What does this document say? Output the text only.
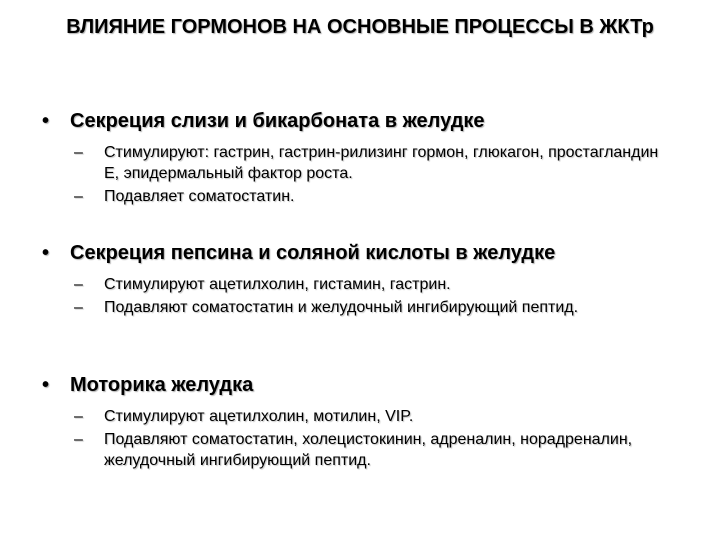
ВЛИЯНИЕ ГОРМОНОВ НА ОСНОВНЫЕ ПРОЦЕССЫ В ЖКТр
•	Секреция слизи и бикарбоната в желудке
–	Стимулируют: гастрин, гастрин-рилизинг гормон, глюкагон, простагландин Е, эпидермальный фактор роста.
–	Подавляет соматостатин.
•	Секреция пепсина и соляной кислоты в желудке
–	Стимулируют ацетилхолин, гистамин, гастрин.
–	Подавляют соматостатин и желудочный ингибирующий пептид.
•	Моторика желудка
–	Стимулируют ацетилхолин, мотилин, VIP.
–	Подавляют соматостатин, холецистокинин, адреналин, норадреналин, желудочный ингибирующий пептид.
